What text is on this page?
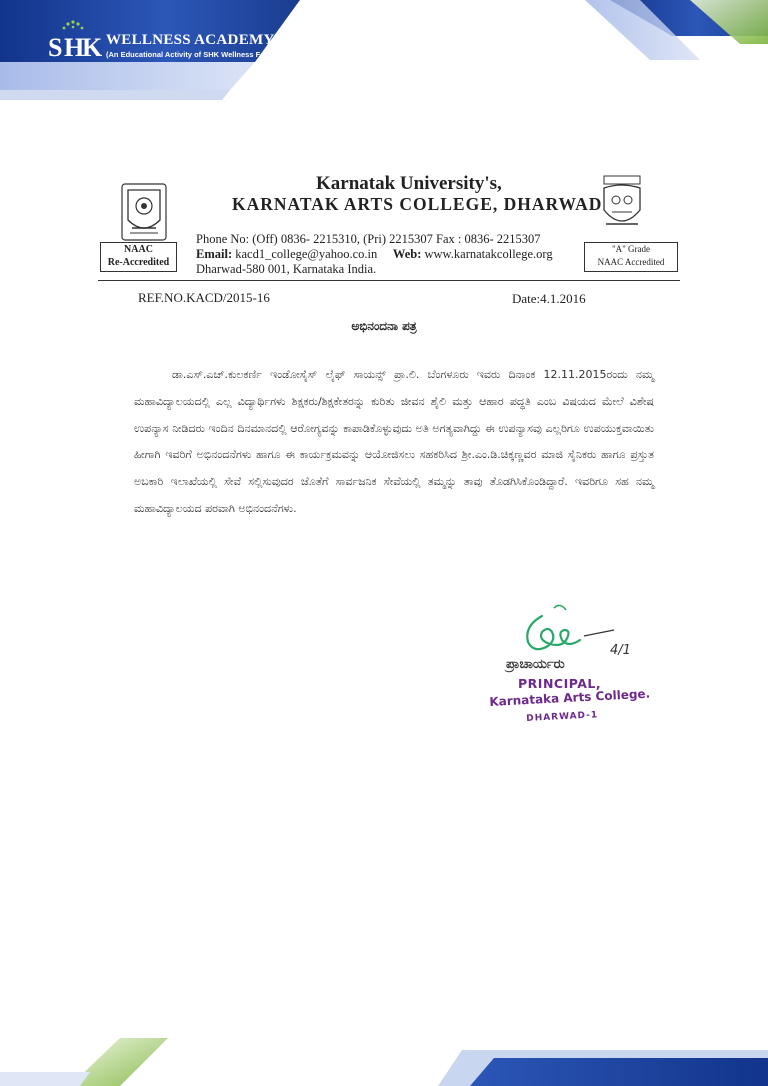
S H
K WELLNESS ACADEMY
(An Educational Activity of SHK Wellness Foundation)
NAAC
Re-Accredited
Karnatak University's,
KARNATAK ARTS COLLEGE, DHARWAD
Phone No: (Off) 0836- 2215310, (Pri) 2215307 Fax : 0836- 2215307
Email: kacd1_college@yahoo.co.in Web: www.karnatakcollege.org
Dharwad-580 001, Karnataka India.
"A" Grade
NAAC Accredited
REF.NO.KACD/2015-16	Date:4.1.2016
ಅಭಿನಂದನಾ ಪತ್ರ
ಡಾ.ಎಸ್.ಎಚ್.ಕುಲಕರ್ಣಿ ಇಂಡೋಸೈಸ್ ಲೈಫ್ ಸಾಯನ್ಸ್ ಪ್ರಾ.ಲಿ. ಬೆಂಗಳೂರು ಇವರು ದಿನಾಂಕ 12.11.2015ರಂದು ನಮ್ಮ ಮಹಾವಿದ್ಯಾಲಯದಲ್ಲಿ ಎಲ್ಲ ವಿದ್ಯಾರ್ಥಿಗಳು ಶಿಕ್ಷಕರು/ಶಿಕ್ಷಕೇತರನ್ನು ಕುರಿತು ಜೀವನ ಶೈಲಿ ಮತ್ತು ಆಹಾರ ಪದ್ಧತಿ ಎಂಬ ವಿಷಯದ ಮೇಲೆ ವಿಶೇಷ ಉಪನ್ಯಾಸ ನೀಡಿದರು ಇಂದಿನ ದಿನಮಾನದಲ್ಲಿ ಆರೋಗ್ಯವನ್ನು ಕಾಪಾಡಿಕೊಳ್ಳುವುದು ಅತಿ ಅಗತ್ಯವಾಗಿದ್ದು ಈ ಉಪನ್ಯಾಸವು ಎಲ್ಲರಿಗೂ ಉಪಯುಕ್ತವಾಯಿತು ಹೀಗಾಗಿ ಇವರಿಗೆ ಅಭಿನಂದನೆಗಳು ಹಾಗೂ ಈ ಕಾರ್ಯಕ್ರಮವನ್ನು ಆಯೋಜಿಸಲು ಸಹಕರಿಸಿದ ಶ್ರೀ.ಎಂ.ಡಿ.ಚಿಕ್ಕಣ್ಣವರ ಮಾಜಿ ಸೈನಿಕರು ಹಾಗೂ ಪ್ರಸ್ತುತ ಅಬಕಾರಿ ಇಲಾಖೆಯಲ್ಲಿ ಸೇವೆ ಸಲ್ಲಿಸುವುದರ ಜೊತೆಗೆ ಸಾರ್ವಜನಿಕ ಸೇವೆಯಲ್ಲಿ ತಮ್ಮನ್ನು ತಾವು ತೊಡಗಿಸಿಕೊಂಡಿದ್ದಾರೆ. ಇವರಿಗೂ ಸಹ ನಮ್ಮ ಮಹಾವಿದ್ಯಾಲಯದ ಪರವಾಗಿ ಅಭಿನಂದನೆಗಳು.
4/1
ಪ್ರಾಚಾರ್ಯರು
PRINCIPAL,
Karnataka Arts College.
DHARWAD-1
